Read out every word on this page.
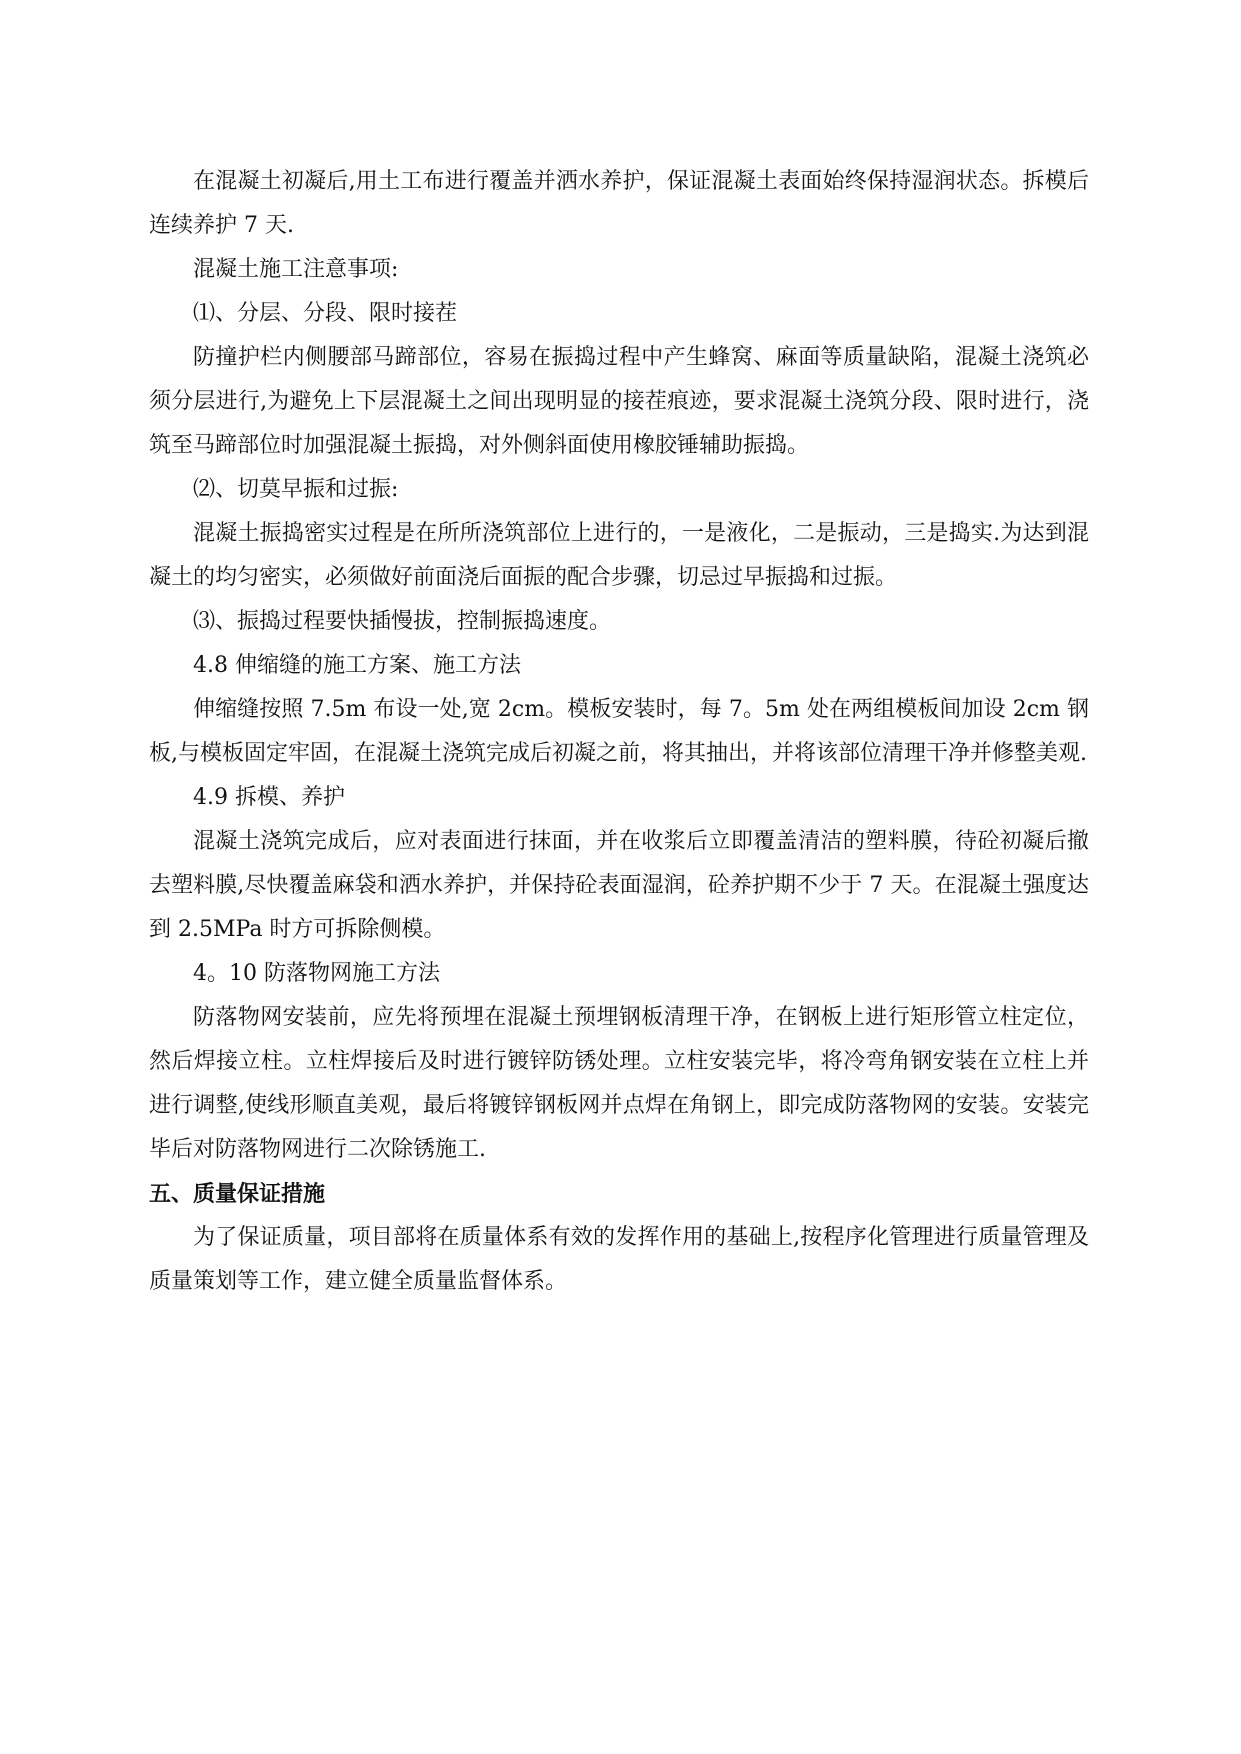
在混凝土初凝后,用土工布进行覆盖并洒水养护，保证混凝土表面始终保持湿润状态。拆模后连续养护 7 天.

混凝土施工注意事项:

⑴、分层、分段、限时接茬

防撞护栏内侧腰部马蹄部位，容易在振捣过程中产生蜂窝、麻面等质量缺陷，混凝土浇筑必须分层进行,为避免上下层混凝土之间出现明显的接茬痕迹，要求混凝土浇筑分段、限时进行，浇筑至马蹄部位时加强混凝土振捣，对外侧斜面使用橡胶锤辅助振捣。

⑵、切莫早振和过振:

混凝土振捣密实过程是在所所浇筑部位上进行的，一是液化，二是振动，三是捣实.为达到混凝土的均匀密实，必须做好前面浇后面振的配合步骤，切忌过早振捣和过振。

⑶、振捣过程要快插慢拔，控制振捣速度。

4.8 伸缩缝的施工方案、施工方法

伸缩缝按照 7.5m 布设一处,宽 2cm。模板安装时，每 7。5m 处在两组模板间加设 2cm 钢板,与模板固定牢固，在混凝土浇筑完成后初凝之前，将其抽出，并将该部位清理干净并修整美观.

4.9 拆模、养护

混凝土浇筑完成后，应对表面进行抹面，并在收浆后立即覆盖清洁的塑料膜，待砼初凝后撤去塑料膜,尽快覆盖麻袋和洒水养护，并保持砼表面湿润，砼养护期不少于 7 天。在混凝土强度达到 2.5MPa 时方可拆除侧模。

4。10 防落物网施工方法

防落物网安装前，应先将预埋在混凝土预埋钢板清理干净，在钢板上进行矩形管立柱定位，然后焊接立柱。立柱焊接后及时进行镀锌防锈处理。立柱安装完毕，将冷弯角钢安装在立柱上并进行调整,使线形顺直美观，最后将镀锌钢板网并点焊在角钢上，即完成防落物网的安装。安装完毕后对防落物网进行二次除锈施工.

五、质量保证措施

为了保证质量，项目部将在质量体系有效的发挥作用的基础上,按程序化管理进行质量管理及质量策划等工作，建立健全质量监督体系。
